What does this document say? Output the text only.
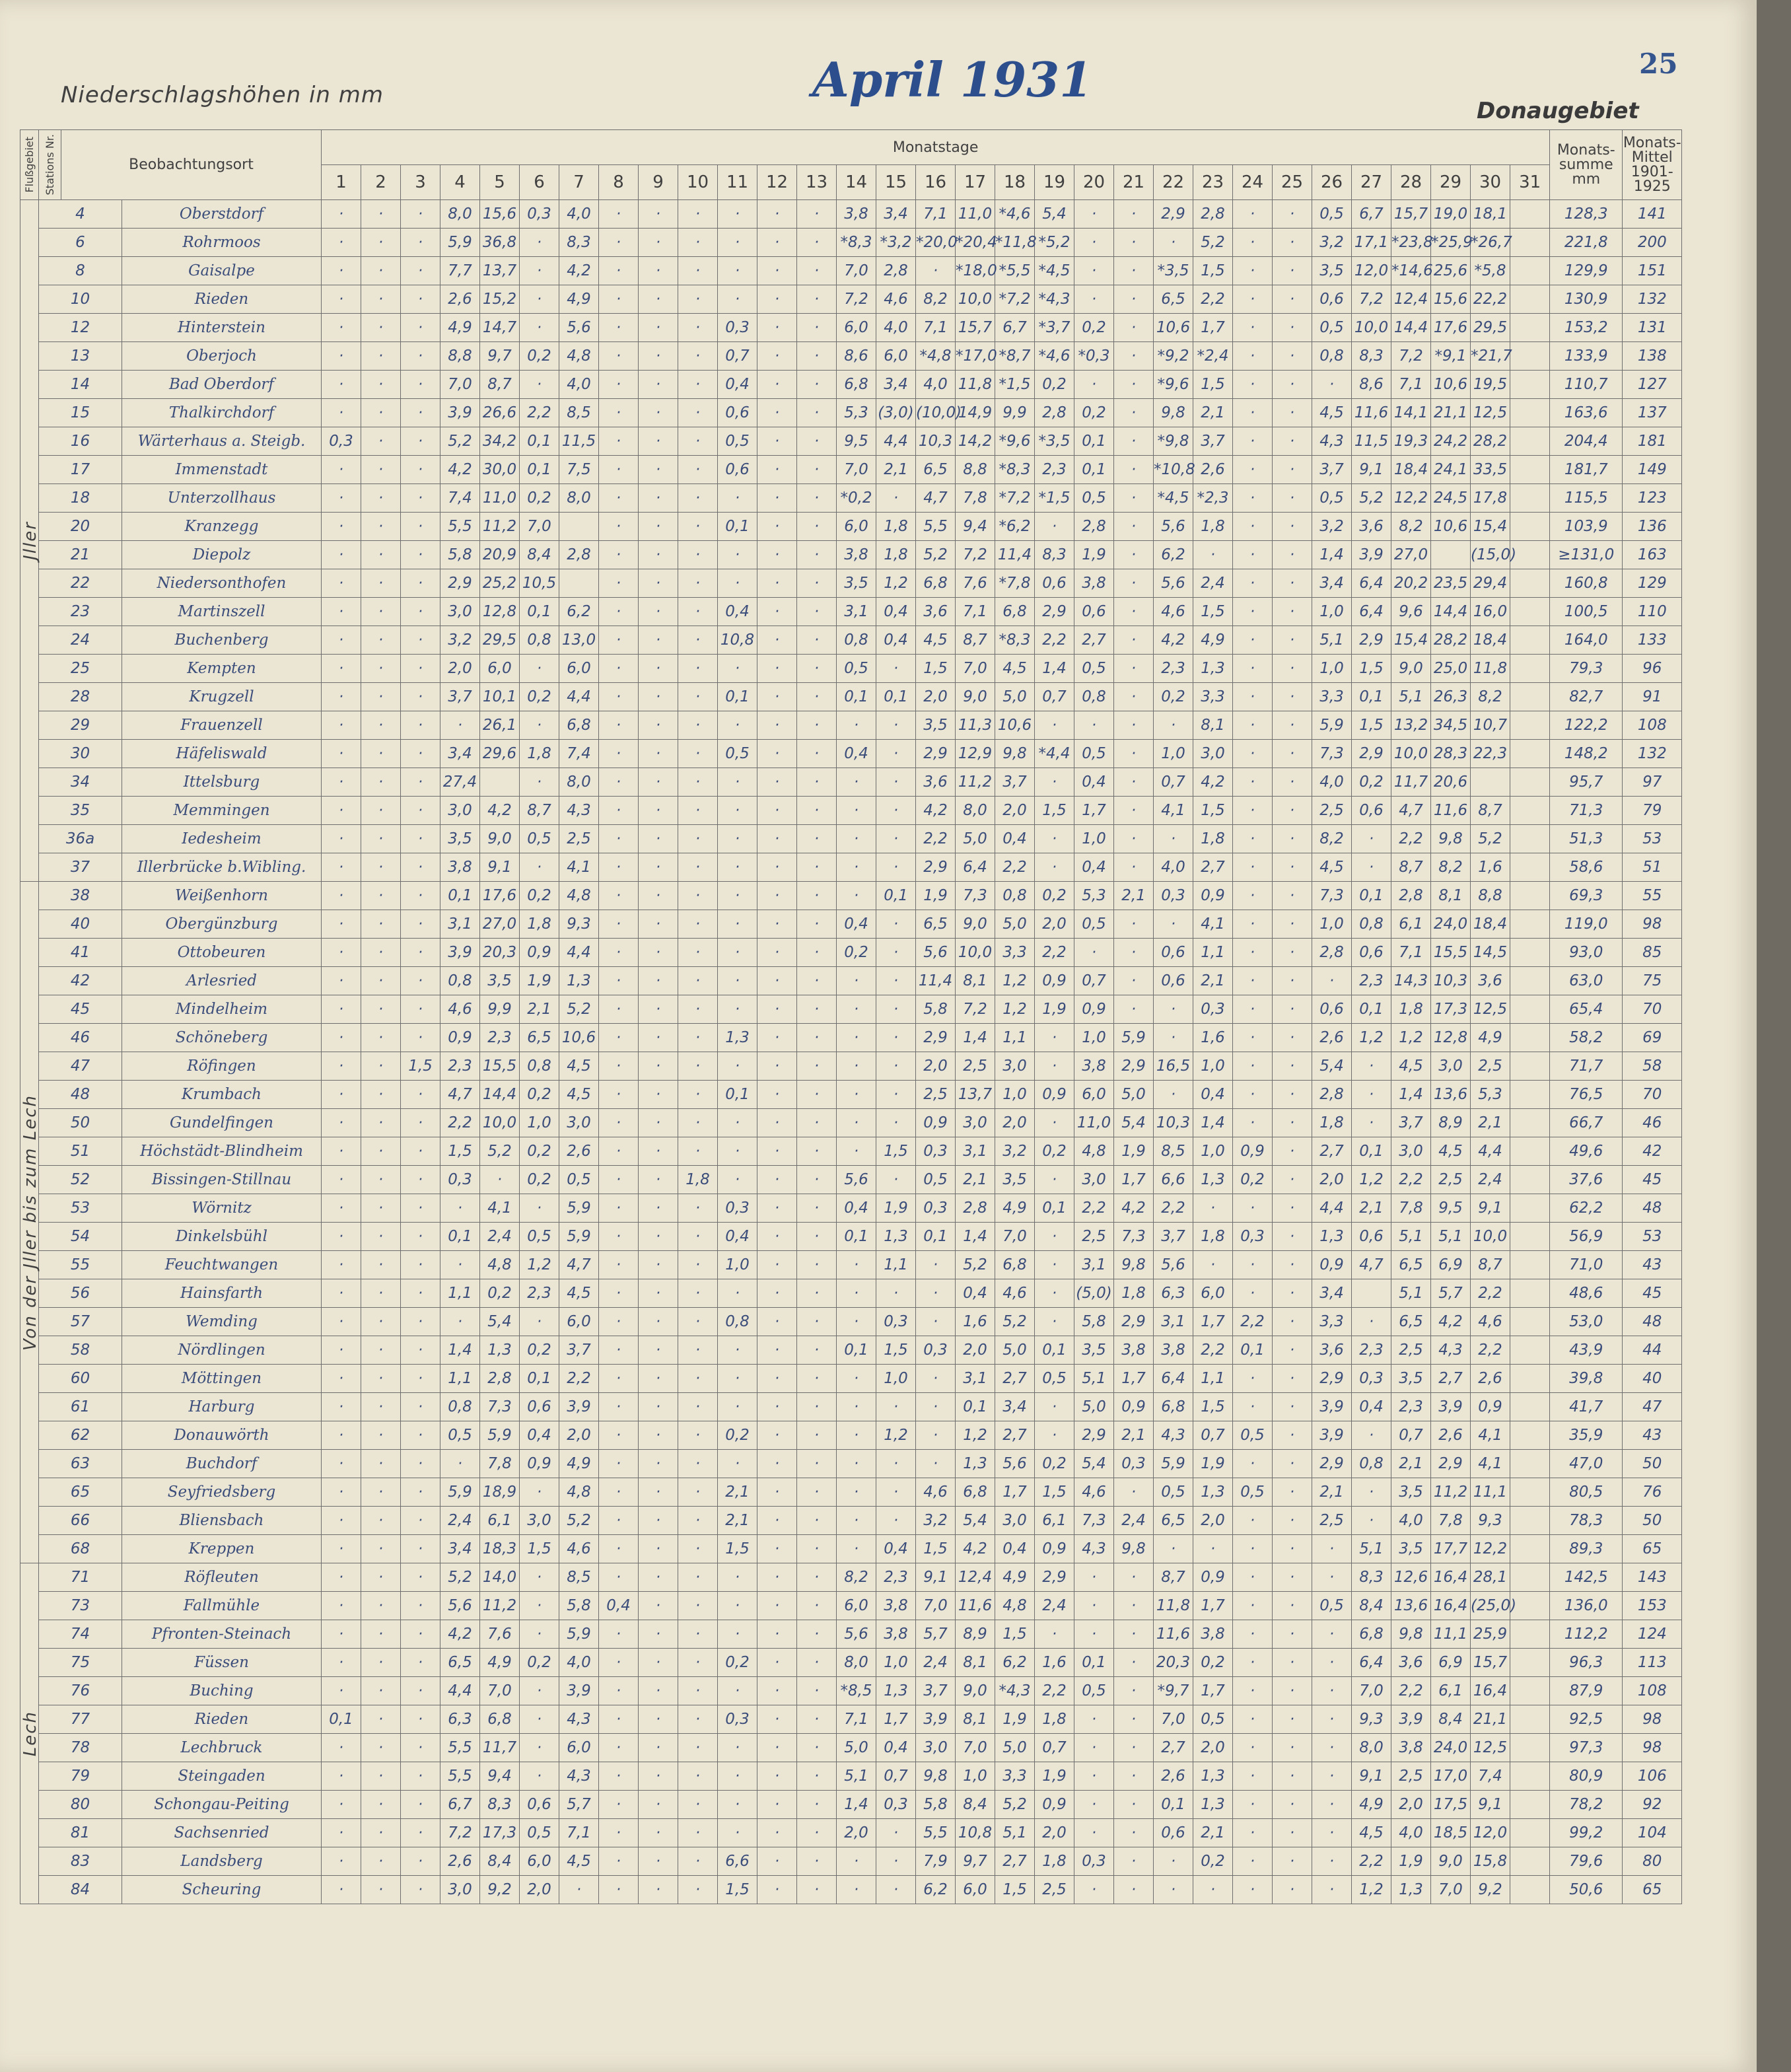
April 1931	25
Niederschlagshöhen in mm
Donaugebiet
Flußgebiet	Stations Nr.	Beobachtungsort		Monatstage																															Monats- summe mm	Monats- Mittel 1901-1925
				1	2	3	4	5	6	7	8	9	10	11	12	13	14	15	16	17	18	19	20	21	22	23	24	25	26	27	28	29	30	31		

Jller	4		Oberstdorf	·	·	·	8,0	15,6	0,3	4,0	·	·	·	·	·	·	3,8	3,4	7,1	11,0	*4,6	5,4	·	·	2,9	2,8	·	·	0,5	6,7	15,7	19,0	18,1		128,3	141
	6		Rohrmoos	·	·	·	5,9	36,8	·	8,3	·	·	·	·	·	·	*8,3	*3,2	*20,0	*20,4	*11,8	*5,2	·	·	·	5,2	·	·	3,2	17,1	*23,8	*25,9	*26,7		221,8	200
	8		Gaisalpe	·	·	·	7,7	13,7	·	4,2	·	·	·	·	·	·	7,0	2,8	·	*18,0	*5,5	*4,5	·	·	*3,5	1,5	·	·	3,5	12,0	*14,6	25,6	*5,8		129,9	151
	10		Rieden	·	·	·	2,6	15,2	·	4,9	·	·	·	·	·	·	7,2	4,6	8,2	10,0	*7,2	*4,3	·	·	6,5	2,2	·	·	0,6	7,2	12,4	15,6	22,2		130,9	132
	12		Hinterstein	·	·	·	4,9	14,7	·	5,6	·	·	·	0,3	·	·	6,0	4,0	7,1	15,7	6,7	*3,7	0,2	·	10,6	1,7	·	·	0,5	10,0	14,4	17,6	29,5		153,2	131
	13		Oberjoch	·	·	·	8,8	9,7	0,2	4,8	·	·	·	0,7	·	·	8,6	6,0	*4,8	*17,0	*8,7	*4,6	*0,3	·	*9,2	*2,4	·	·	0,8	8,3	7,2	*9,1	*21,7		133,9	138
	14		Bad Oberdorf	·	·	·	7,0	8,7	·	4,0	·	·	·	0,4	·	·	6,8	3,4	4,0	11,8	*1,5	0,2	·	·	*9,6	1,5	·	·	·	8,6	7,1	10,6	19,5		110,7	127
	15		Thalkirchdorf	·	·	·	3,9	26,6	2,2	8,5	·	·	·	0,6	·	·	5,3	(3,0)	(10,0)	14,9	9,9	2,8	0,2	·	9,8	2,1	·	·	4,5	11,6	14,1	21,1	12,5		163,6	137
	16		Wärterhaus a. Steigb.	0,3	·	·	5,2	34,2	0,1	11,5	·	·	·	0,5	·	·	9,5	4,4	10,3	14,2	*9,6	*3,5	0,1	·	*9,8	3,7	·	·	4,3	11,5	19,3	24,2	28,2		204,4	181
	17		Immenstadt	·	·	·	4,2	30,0	0,1	7,5	·	·	·	0,6	·	·	7,0	2,1	6,5	8,8	*8,3	2,3	0,1	·	*10,8	2,6	·	·	3,7	9,1	18,4	24,1	33,5		181,7	149
	18		Unterzollhaus	·	·	·	7,4	11,0	0,2	8,0	·	·	·	·	·	·	*0,2	·	4,7	7,8	*7,2	*1,5	0,5	·	*4,5	*2,3	·	·	0,5	5,2	12,2	24,5	17,8		115,5	123
	20		Kranzegg	·	·	·	5,5	11,2	7,0		·	·	·	0,1	·	·	6,0	1,8	5,5	9,4	*6,2	·	2,8	·	5,6	1,8	·	·	3,2	3,6	8,2	10,6	15,4		103,9	136
	21		Diepolz	·	·	·	5,8	20,9	8,4	2,8	·	·	·	·	·	·	3,8	1,8	5,2	7,2	11,4	8,3	1,9	·	6,2	·	·	·	1,4	3,9	27,0		(15,0)		≥131,0	163
	22		Niedersonthofen	·	·	·	2,9	25,2	10,5		·	·	·	·	·	·	3,5	1,2	6,8	7,6	*7,8	0,6	3,8	·	5,6	2,4	·	·	3,4	6,4	20,2	23,5	29,4		160,8	129
	23		Martinszell	·	·	·	3,0	12,8	0,1	6,2	·	·	·	0,4	·	·	3,1	0,4	3,6	7,1	6,8	2,9	0,6	·	4,6	1,5	·	·	1,0	6,4	9,6	14,4	16,0		100,5	110
	24		Buchenberg	·	·	·	3,2	29,5	0,8	13,0	·	·	·	10,8	·	·	0,8	0,4	4,5	8,7	*8,3	2,2	2,7	·	4,2	4,9	·	·	5,1	2,9	15,4	28,2	18,4		164,0	133
	25		Kempten	·	·	·	2,0	6,0	·	6,0	·	·	·	·	·	·	0,5	·	1,5	7,0	4,5	1,4	0,5	·	2,3	1,3	·	·	1,0	1,5	9,0	25,0	11,8		79,3	96
	28		Krugzell	·	·	·	3,7	10,1	0,2	4,4	·	·	·	0,1	·	·	0,1	0,1	2,0	9,0	5,0	0,7	0,8	·	0,2	3,3	·	·	3,3	0,1	5,1	26,3	8,2		82,7	91
	29		Frauenzell	·	·	·	·	26,1	·	6,8	·	·	·	·	·	·	·	·	3,5	11,3	10,6	·	·	·	·	8,1	·	·	5,9	1,5	13,2	34,5	10,7		122,2	108
	30		Häfeliswald	·	·	·	3,4	29,6	1,8	7,4	·	·	·	0,5	·	·	0,4	·	2,9	12,9	9,8	*4,4	0,5	·	1,0	3,0	·	·	7,3	2,9	10,0	28,3	22,3		148,2	132
	34		Ittelsburg	·	·	·	27,4		·	8,0	·	·	·	·	·	·	·	·	3,6	11,2	3,7	·	0,4	·	0,7	4,2	·	·	4,0	0,2	11,7	20,6			95,7	97
	35		Memmingen	·	·	·	3,0	4,2	8,7	4,3	·	·	·	·	·	·	·	·	4,2	8,0	2,0	1,5	1,7	·	4,1	1,5	·	·	2,5	0,6	4,7	11,6	8,7		71,3	79
	36a		Iedesheim	·	·	·	3,5	9,0	0,5	2,5	·	·	·	·	·	·	·	·	2,2	5,0	0,4	·	1,0	·	·	1,8	·	·	8,2	·	2,2	9,8	5,2		51,3	53
	37		Illerbrücke b.Wibling.	·	·	·	3,8	9,1	·	4,1	·	·	·	·	·	·	·	·	2,9	6,4	2,2	·	0,4	·	4,0	2,7	·	·	4,5	·	8,7	8,2	1,6		58,6	51

Von der Jller bis zum Lech	38		Weißenhorn	·	·	·	0,1	17,6	0,2	4,8	·	·	·	·	·	·	·	0,1	1,9	7,3	0,8	0,2	5,3	2,1	0,3	0,9	·	·	7,3	0,1	2,8	8,1	8,8		69,3	55
	40		Obergünzburg	·	·	·	3,1	27,0	1,8	9,3	·	·	·	·	·	·	0,4	·	6,5	9,0	5,0	2,0	0,5	·	·	4,1	·	·	1,0	0,8	6,1	24,0	18,4		119,0	98
	41		Ottobeuren	·	·	·	3,9	20,3	0,9	4,4	·	·	·	·	·	·	0,2	·	5,6	10,0	3,3	2,2	·	·	0,6	1,1	·	·	2,8	0,6	7,1	15,5	14,5		93,0	85
	42		Arlesried	·	·	·	0,8	3,5	1,9	1,3	·	·	·	·	·	·	·	·	11,4	8,1	1,2	0,9	0,7	·	0,6	2,1	·	·	·	2,3	14,3	10,3	3,6		63,0	75
	45		Mindelheim	·	·	·	4,6	9,9	2,1	5,2	·	·	·	·	·	·	·	·	5,8	7,2	1,2	1,9	0,9	·	·	0,3	·	·	0,6	0,1	1,8	17,3	12,5		65,4	70
	46		Schöneberg	·	·	·	0,9	2,3	6,5	10,6	·	·	·	1,3	·	·	·	·	2,9	1,4	1,1	·	1,0	5,9	·	1,6	·	·	2,6	1,2	1,2	12,8	4,9		58,2	69
	47		Röfingen	·	·	1,5	2,3	15,5	0,8	4,5	·	·	·	·	·	·	·	·	2,0	2,5	3,0	·	3,8	2,9	16,5	1,0	·	·	5,4	·	4,5	3,0	2,5		71,7	58
	48		Krumbach	·	·	·	4,7	14,4	0,2	4,5	·	·	·	0,1	·	·	·	·	2,5	13,7	1,0	0,9	6,0	5,0	·	0,4	·	·	2,8	·	1,4	13,6	5,3		76,5	70
	50		Gundelfingen	·	·	·	2,2	10,0	1,0	3,0	·	·	·	·	·	·	·	·	0,9	3,0	2,0	·	11,0	5,4	10,3	1,4	·	·	1,8	·	3,7	8,9	2,1		66,7	46
	51		Höchstädt-Blindheim	·	·	·	1,5	5,2	0,2	2,6	·	·	·	·	·	·	·	1,5	0,3	3,1	3,2	0,2	4,8	1,9	8,5	1,0	0,9	·	2,7	0,1	3,0	4,5	4,4		49,6	42
	52		Bissingen-Stillnau	·	·	·	0,3	·	0,2	0,5	·	·	1,8	·	·	·	5,6	·	0,5	2,1	3,5	·	3,0	1,7	6,6	1,3	0,2	·	2,0	1,2	2,2	2,5	2,4		37,6	45
	53		Wörnitz	·	·	·	·	4,1	·	5,9	·	·	·	0,3	·	·	0,4	1,9	0,3	2,8	4,9	0,1	2,2	4,2	2,2	·	·	·	4,4	2,1	7,8	9,5	9,1		62,2	48
	54		Dinkelsbühl	·	·	·	0,1	2,4	0,5	5,9	·	·	·	0,4	·	·	0,1	1,3	0,1	1,4	7,0	·	2,5	7,3	3,7	1,8	0,3	·	1,3	0,6	5,1	5,1	10,0		56,9	53
	55		Feuchtwangen	·	·	·	·	4,8	1,2	4,7	·	·	·	1,0	·	·	·	1,1	·	5,2	6,8	·	3,1	9,8	5,6	·	·	·	0,9	4,7	6,5	6,9	8,7		71,0	43
	56		Hainsfarth	·	·	·	1,1	0,2	2,3	4,5	·	·	·	·	·	·	·	·	·	0,4	4,6	·	(5,0)	1,8	6,3	6,0	·	·	3,4		5,1	5,7	2,2		48,6	45
	57		Wemding	·	·	·	·	5,4	·	6,0	·	·	·	0,8	·	·	·	0,3	·	1,6	5,2	·	5,8	2,9	3,1	1,7	2,2	·	3,3	·	6,5	4,2	4,6		53,0	48
	58		Nördlingen	·	·	·	1,4	1,3	0,2	3,7	·	·	·	·	·	·	0,1	1,5	0,3	2,0	5,0	0,1	3,5	3,8	3,8	2,2	0,1	·	3,6	2,3	2,5	4,3	2,2		43,9	44
	60		Möttingen	·	·	·	1,1	2,8	0,1	2,2	·	·	·	·	·	·	·	1,0	·	3,1	2,7	0,5	5,1	1,7	6,4	1,1	·	·	2,9	0,3	3,5	2,7	2,6		39,8	40
	61		Harburg	·	·	·	0,8	7,3	0,6	3,9	·	·	·	·	·	·	·	·	·	0,1	3,4	·	5,0	0,9	6,8	1,5	·	·	3,9	0,4	2,3	3,9	0,9		41,7	47
	62		Donauwörth	·	·	·	0,5	5,9	0,4	2,0	·	·	·	0,2	·	·	·	1,2	·	1,2	2,7	·	2,9	2,1	4,3	0,7	0,5	·	3,9	·	0,7	2,6	4,1		35,9	43
	63		Buchdorf	·	·	·	·	7,8	0,9	4,9	·	·	·	·	·	·	·	·	·	1,3	5,6	0,2	5,4	0,3	5,9	1,9	·	·	2,9	0,8	2,1	2,9	4,1		47,0	50
	65		Seyfriedsberg	·	·	·	5,9	18,9	·	4,8	·	·	·	2,1	·	·	·	·	4,6	6,8	1,7	1,5	4,6	·	0,5	1,3	0,5	·	2,1	·	3,5	11,2	11,1		80,5	76
	66		Bliensbach	·	·	·	2,4	6,1	3,0	5,2	·	·	·	2,1	·	·	·	·	3,2	5,4	3,0	6,1	7,3	2,4	6,5	2,0	·	·	2,5	·	4,0	7,8	9,3		78,3	50
	68		Kreppen	·	·	·	3,4	18,3	1,5	4,6	·	·	·	1,5	·	·	·	0,4	1,5	4,2	0,4	0,9	4,3	9,8	·	·	·	·	·	5,1	3,5	17,7	12,2		89,3	65

Lech	71		Röfleuten	·	·	·	5,2	14,0	·	8,5	·	·	·	·	·	·	8,2	2,3	9,1	12,4	4,9	2,9	·	·	8,7	0,9	·	·	·	8,3	12,6	16,4	28,1		142,5	143
	73		Fallmühle	·	·	·	5,6	11,2	·	5,8	0,4	·	·	·	·	·	6,0	3,8	7,0	11,6	4,8	2,4	·	·	11,8	1,7	·	·	0,5	8,4	13,6	16,4	(25,0)		136,0	153
	74		Pfronten-Steinach	·	·	·	4,2	7,6	·	5,9	·	·	·	·	·	·	5,6	3,8	5,7	8,9	1,5	·	·	·	11,6	3,8	·	·	·	6,8	9,8	11,1	25,9		112,2	124
	75		Füssen	·	·	·	6,5	4,9	0,2	4,0	·	·	·	0,2	·	·	8,0	1,0	2,4	8,1	6,2	1,6	0,1	·	20,3	0,2	·	·	·	6,4	3,6	6,9	15,7		96,3	113
	76		Buching	·	·	·	4,4	7,0	·	3,9	·	·	·	·	·	·	*8,5	1,3	3,7	9,0	*4,3	2,2	0,5	·	*9,7	1,7	·	·	·	7,0	2,2	6,1	16,4		87,9	108
	77		Rieden	0,1	·	·	6,3	6,8	·	4,3	·	·	·	0,3	·	·	7,1	1,7	3,9	8,1	1,9	1,8	·	·	7,0	0,5	·	·	·	9,3	3,9	8,4	21,1		92,5	98
	78		Lechbruck	·	·	·	5,5	11,7	·	6,0	·	·	·	·	·	·	5,0	0,4	3,0	7,0	5,0	0,7	·	·	2,7	2,0	·	·	·	8,0	3,8	24,0	12,5		97,3	98
	79		Steingaden	·	·	·	5,5	9,4	·	4,3	·	·	·	·	·	·	5,1	0,7	9,8	1,0	3,3	1,9	·	·	2,6	1,3	·	·	·	9,1	2,5	17,0	7,4		80,9	106
	80		Schongau-Peiting	·	·	·	6,7	8,3	0,6	5,7	·	·	·	·	·	·	1,4	0,3	5,8	8,4	5,2	0,9	·	·	0,1	1,3	·	·	·	4,9	2,0	17,5	9,1		78,2	92
	81		Sachsenried	·	·	·	7,2	17,3	0,5	7,1	·	·	·	·	·	·	2,0	·	5,5	10,8	5,1	2,0	·	·	0,6	2,1	·	·	·	4,5	4,0	18,5	12,0		99,2	104
	83		Landsberg	·	·	·	2,6	8,4	6,0	4,5	·	·	·	6,6	·	·	·	·	7,9	9,7	2,7	1,8	0,3	·	·	0,2	·	·	·	2,2	1,9	9,0	15,8		79,6	80
	84		Scheuring	·	·	·	3,0	9,2	2,0	·	·	·	·	1,5	·	·	·	·	6,2	6,0	1,5	2,5	·	·	·	·	·	·	·	1,2	1,3	7,0	9,2		50,6	65
